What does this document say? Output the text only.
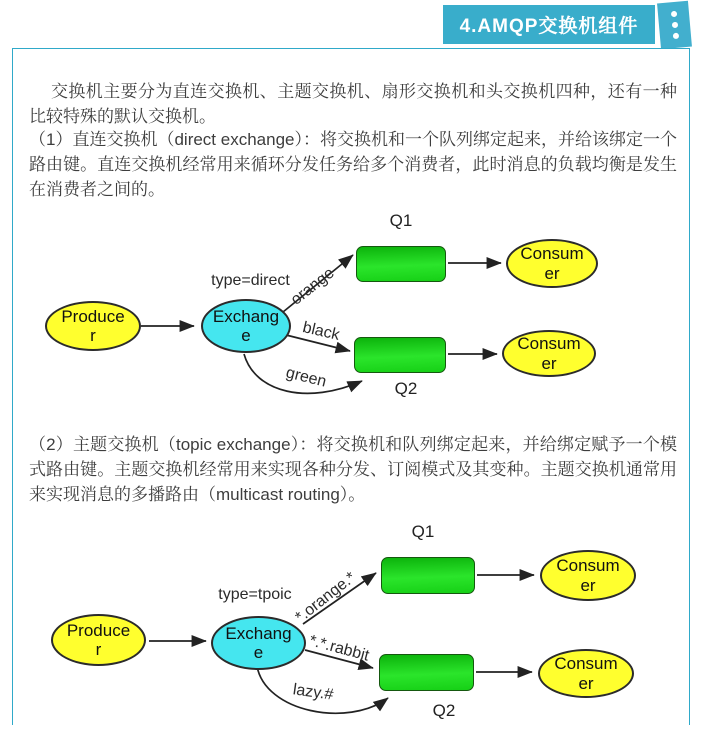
4.AMQP交换机组件

交换机主要分为直连交换机、主题交换机、扇形交换机和头交换机四种，还有一种比较特殊的默认交换机。

（1）直连交换机（direct exchange）：将交换机和一个队列绑定起来，并给该绑定一个路由键。直连交换机经常用来循环分发任务给多个消费者，此时消息的负载均衡是发生在消费者之间的。

Producer
Exchange
type=direct
orange
black
green
Q1
Q2
Consumer
Consumer

（2）主题交换机（topic exchange）：将交换机和队列绑定起来，并给绑定赋予一个模式路由键。主题交换机经常用来实现各种分发、订阅模式及其变种。主题交换机通常用来实现消息的多播路由（multicast routing）。

Producer
Exchange
type=tpoic *.orange.*
*.*.rabbit
lazy.#
Q1
Q2
Consumer
Consumer
